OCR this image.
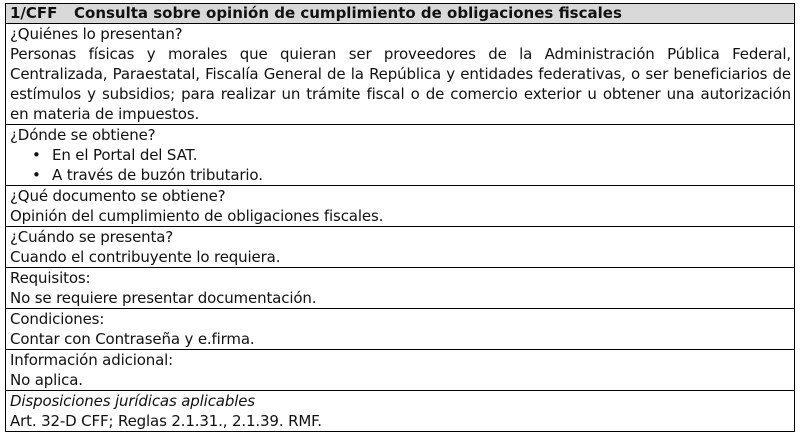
1/CFF Consulta sobre opinión de cumplimiento de obligaciones fiscales
¿Quiénes lo presentan?
Personas físicas y morales que quieran ser proveedores de la Administración Pública Federal, Centralizada, Paraestatal, Fiscalía General de la República y entidades federativas, o ser beneficiarios de estímulos y subsidios; para realizar un trámite fiscal o de comercio exterior u obtener una autorización en materia de impuestos.
¿Dónde se obtiene?
• En el Portal del SAT.
• A través de buzón tributario.
¿Qué documento se obtiene?
Opinión del cumplimiento de obligaciones fiscales.
¿Cuándo se presenta?
Cuando el contribuyente lo requiera.
Requisitos:
No se requiere presentar documentación.
Condiciones:
Contar con Contraseña y e.firma.
Información adicional:
No aplica.
Disposiciones jurídicas aplicables
Art. 32-D CFF; Reglas 2.1.31., 2.1.39. RMF.
